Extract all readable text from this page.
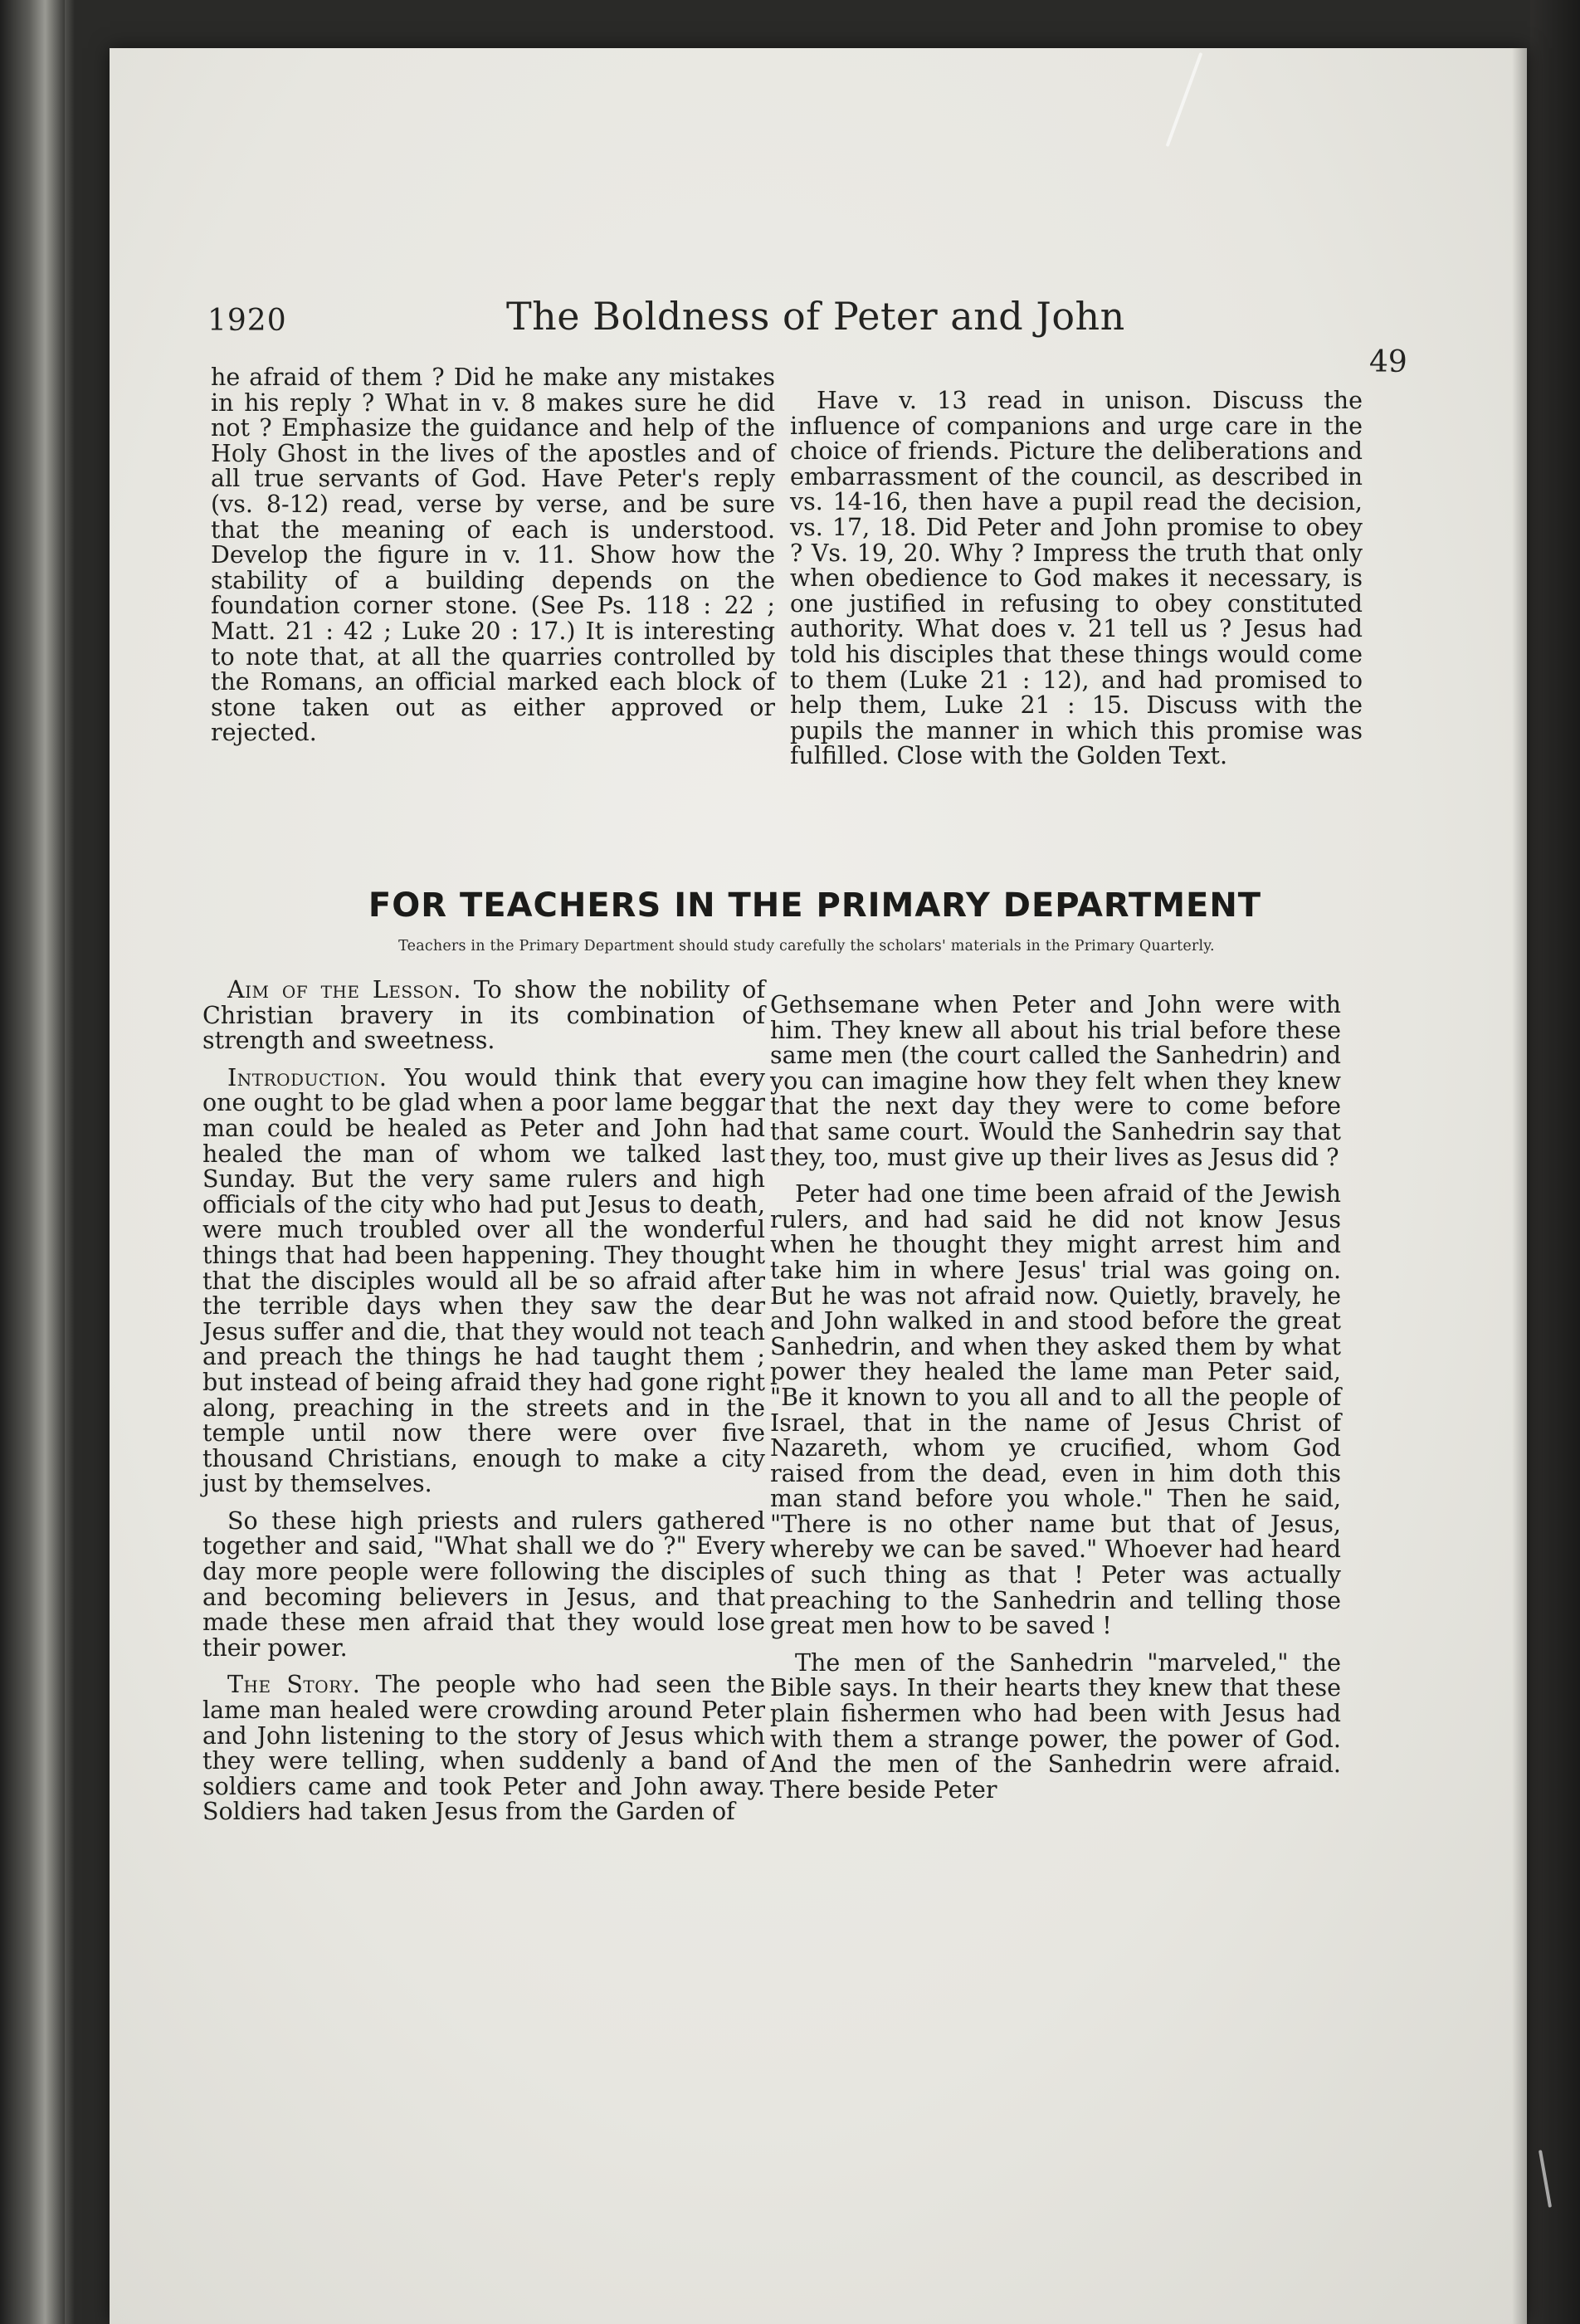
1920	The Boldness of Peter and John
49

he afraid of them ? Did he make any mistakes in his reply ? What in v. 8 makes sure he did not ? Emphasize the guidance and help of the Holy Ghost in the lives of the apostles and of all true servants of God. Have Peter's reply (vs. 8-12) read, verse by verse, and be sure that the meaning of each is understood. Develop the figure in v. 11. Show how the stability of a building depends on the foundation corner stone. (See Ps. 118 : 22 ; Matt. 21 : 42 ; Luke 20 : 17.) It is interesting to note that, at all the quarries controlled by the Romans, an official marked each block of stone taken out as either approved or rejected.

Have v. 13 read in unison. Discuss the influence of companions and urge care in the choice of friends. Picture the deliberations and embarrassment of the council, as described in vs. 14-16, then have a pupil read the decision, vs. 17, 18. Did Peter and John promise to obey ? Vs. 19, 20. Why ? Impress the truth that only when obedience to God makes it necessary, is one justified in refusing to obey constituted authority. What does v. 21 tell us ? Jesus had told his disciples that these things would come to them (Luke 21 : 12), and had promised to help them, Luke 21 : 15. Discuss with the pupils the manner in which this promise was fulfilled. Close with the Golden Text.

FOR TEACHERS IN THE PRIMARY DEPARTMENT
Teachers in the Primary Department should study carefully the scholars' materials in the Primary Quarterly.

Aim of the Lesson. To show the nobility of Christian bravery in its combination of strength and sweetness.

Introduction. You would think that every one ought to be glad when a poor lame beggar man could be healed as Peter and John had healed the man of whom we talked last Sunday. But the very same rulers and high officials of the city who had put Jesus to death, were much troubled over all the wonderful things that had been happening. They thought that the disciples would all be so afraid after the terrible days when they saw the dear Jesus suffer and die, that they would not teach and preach the things he had taught them ; but instead of being afraid they had gone right along, preaching in the streets and in the temple until now there were over five thousand Christians, enough to make a city just by themselves.

So these high priests and rulers gathered together and said, "What shall we do ?" Every day more people were following the disciples and becoming believers in Jesus, and that made these men afraid that they would lose their power.

The Story. The people who had seen the lame man healed were crowding around Peter and John listening to the story of Jesus which they were telling, when suddenly a band of soldiers came and took Peter and John away. Soldiers had taken Jesus from the Garden of

Gethsemane when Peter and John were with him. They knew all about his trial before these same men (the court called the Sanhedrin) and you can imagine how they felt when they knew that the next day they were to come before that same court. Would the Sanhedrin say that they, too, must give up their lives as Jesus did ?

Peter had one time been afraid of the Jewish rulers, and had said he did not know Jesus when he thought they might arrest him and take him in where Jesus' trial was going on. But he was not afraid now. Quietly, bravely, he and John walked in and stood before the great Sanhedrin, and when they asked them by what power they healed the lame man Peter said, "Be it known to you all and to all the people of Israel, that in the name of Jesus Christ of Nazareth, whom ye crucified, whom God raised from the dead, even in him doth this man stand before you whole." Then he said, "There is no other name but that of Jesus, whereby we can be saved." Whoever had heard of such thing as that ! Peter was actually preaching to the Sanhedrin and telling those great men how to be saved !

The men of the Sanhedrin "marveled," the Bible says. In their hearts they knew that these plain fishermen who had been with Jesus had with them a strange power, the power of God. And the men of the Sanhedrin were afraid. There beside Peter
